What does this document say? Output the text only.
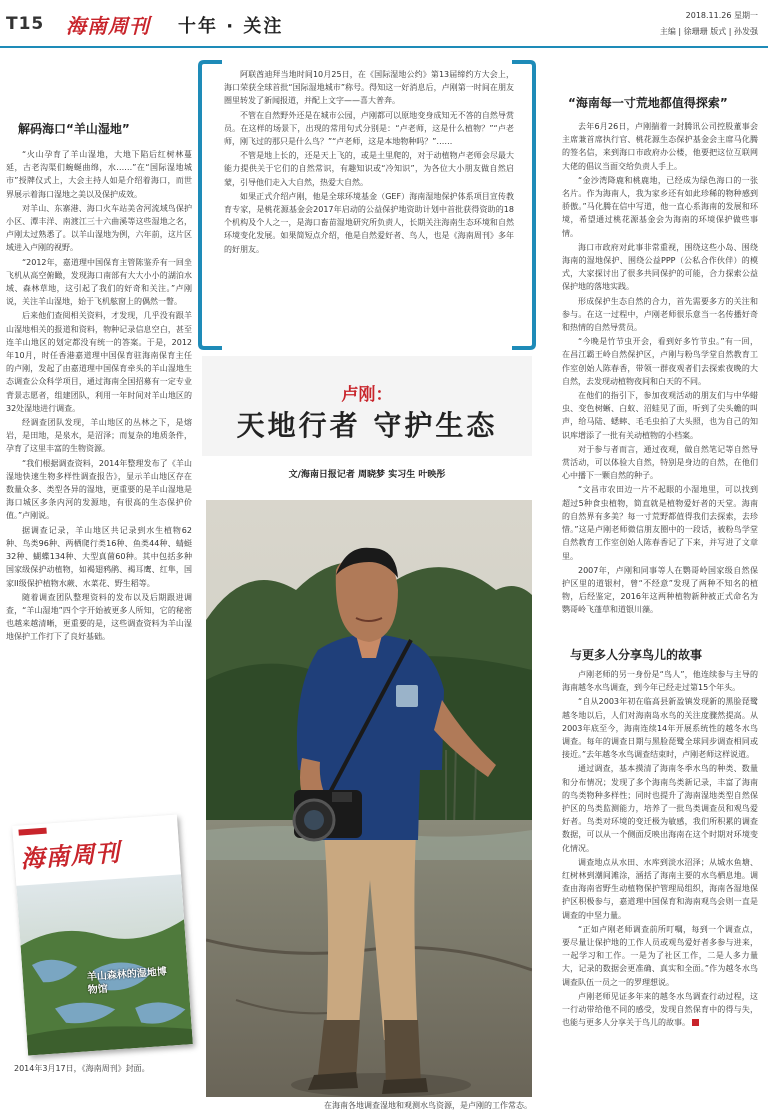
T15 海南周刊 十年 · 关注
2018.11.26 星期一
主编 | 徐珊珊 版式 | 孙发强
解码海口“羊山湿地”

“火山孕育了羊山湿地，大地下陷后红树林蔓延，古老沟渠们蜿蜒曲绵，水……”在“国际湿地城市”授牌仪式上，大会主持人如是介绍着海口，而世界展示着海口湿地之美以及保护成效。

对羊山、东寨港、海口火车站美舍河流域鸟保护小区、潭丰洋、南渡江三十六曲溪等这些湿地之名，卢刚太过熟悉了。以羊山湿地为例，六年前，这片区域进入卢刚的视野。

“2012年，嘉道理中国保育主管陈鉴乔有一回坐飞机从高空俯瞰，发现海口南部有大大小小的湖泊水域、森林草地，这引起了我们的好奇和关注。”卢刚说，关注羊山湿地，始于飞机舷窗上的偶然一瞥。

后来他们查阅相关资料，才发现，几乎没有跟羊山湿地相关的报道和资料，物种记录信息空白，甚至连羊山地区的划定都没有统一的答案。于是，2012年10月，时任香港嘉道理中国保育驻海南保育主任的卢刚，发起了由嘉道理中国保育牵头的羊山湿地生态调查公众科学项目，通过海南全国招募有一定专业背景志愿者，组建团队，利用一年时间对羊山地区的32处湿地进行调查。

经调查团队发现，羊山地区的丛林之下，是熔岩，是田地，是泉水，是沼泽；而复杂的地质条件，孕育了这里丰富的生物资源。

“我们根据调查资料，2014年整理发布了《羊山湿地快速生物多样性调查报告》，显示羊山地区存在数量众多、类型各异的湿地，更重要的是羊山湿地是海口城区多条内河的发源地，有很高的生态保护价值。”卢刚说。

据调查记录，羊山地区共记录到水生植物62种、鸟类96种、两栖爬行类16种、鱼类44种、蜻蜓32种、蝴蝶134种、大型真菌60种。其中包括多种国家级保护动植物，如褐翅鸦鹃、褐耳鹰、红隼，国家II级保护植物水蕨、水菜花、野生稻等。

随着调查团队整理资料的发布以及后期跟进调查，“羊山湿地”四个字开始被更多人所知，它的秘密也越来越清晰，更重要的是，这些调查资料为羊山湿地保护工作打下了良好基础。

海南周刊
羊山森林的湿地博物馆
2014年3月17日，《海南周刊》封面。

阿联酋迪拜当地时间10月25日，在《国际湿地公约》第13届缔约方大会上，海口荣获全球首批“国际湿地城市”称号。得知这一好消息后，卢刚第一时间在朋友圈里转发了新闻报道，并配上文字——喜大普奔。

不管在自然野外还是在城市公园，卢刚都可以原地变身成知无不答的自然导赏员。在这样的场景下，出现的常用句式分别是：“卢老师，这是什么植物？”“卢老师，刚飞过的那只是什么鸟？”“卢老师，这是本地物种吗？”……

不管是地上长的，还是天上飞的，或是土里爬的，对于动植物卢老师会尽最大能力提供关于它们的自然常识，有趣知识或“冷知识”，为各位大小朋友做自然启蒙，引导他们走入大自然，热爱大自然。

如果正式介绍卢刚，他是全球环境基金（GEF）海南湿地保护体系项目宣传教育专家，是桃花源基金会2017年启动的公益保护地资助计划中首批获得资助的18个机构及个人之一，是海口畜苗湿地研究所负责人，长期关注海南生态环境和自然环境变化发展。如果简短点介绍，他是自然爱好者、鸟人，也是《海南周刊》多年的好朋友。

卢刚：
天地行者 守护生态
文/海南日报记者 周晓梦 实习生 叶映彤
在海南各地调查湿地和观测水鸟资源，是卢刚的工作常态。
“海南每一寸荒地都值得探索”

去年6月26日，卢刚揣着一封腾讯公司控股董事会主席兼首席执行官、桃花源生态保护基金会主席马化腾的签名信，来到海口市政府办公楼，他要把这位互联网大佬的倡议当面交给负责人手上。

“金沙湾降鹿和桃鹿地，已经成为绿色海口的一张名片。作为海南人，我为家乡还有如此珍稀的物种感到骄傲。”马化腾在信中写道，他一直心系海南的发展和环境，希望通过桃花源基金会为海南的环境保护做些事情。

海口市政府对此事非常重视，围绕这些小岛、围绕海南的湿地保护、围绕公益PPP（公私合作伙伴）的模式，大家探讨出了很多共同保护的可能，合力探索公益保护地的落地实践。

形成保护生态自然的合力，首先需要多方的关注和参与。在这一过程中，卢刚老师很乐意当一名传播好奇和热情的自然导赏员。

“今晚是竹节虫开会，看到好多竹节虫。”有一回，在昌江霸王岭自然保护区，卢刚与粉鸟学堂自然教育工作室创始人陈春香，带领一群夜观者们去探索夜晚的大自然，去发现动植物夜间和白天的不同。

在他们的指引下，参加夜观活动的朋友们与中华蜡虫、变色树蜥、白蚁、沼蛙见了面，听到了尖头蟾的叫声，给马陆、蟋蟀、毛毛虫拍了大头照，也为自己的知识库增添了一批有关动植物的小档案。

对于参与者而言，通过夜观，做自然笔记等自然导赏活动，可以体验大自然，特别是身边的自然，在他们心中播下一颗自然的种子。

“文昌市农田边一片不起眼的小湿地里，可以找到超过5种食虫植物，简直就是植物爱好者的天堂。海南的自然界有多美？每一寸荒野都值得我们去探索，去珍惜。”这是卢刚老师微信朋友圈中的一段话，被粉鸟学堂自然教育工作室创始人陈春香记了下来，并写进了文章里。

2007年，卢刚和同事等人在鹦哥岭国家级自然保护区里的道银村，曾“不经意”发现了两种不知名的植物，后经鉴定，2016年这两种植物新种被正式命名为鹦哥岭飞蓬草和道银川藻。

与更多人分享鸟儿的故事

卢刚老师的另一身份是“鸟人”，他连续参与主导的海南越冬水鸟调查，到今年已经走过第15个年头。

“自从2003年初在临高县新盈镇发现新的黑脸琵鹭越冬地以后，人们对海南岛水鸟的关注度骤然提高。从2003年底至今，海南连续14年开展系统性的越冬水鸟调查。每年的调查日期与黑脸琵鹭全球同步调查相同或接近。”去年越冬水鸟调查结束时，卢刚老师这样说道。

通过调查，基本摸清了海南冬季水鸟的种类、数量和分布情况；发现了多个海南鸟类新记录，丰富了海南的鸟类物种多样性；同时也提升了海南湿地类型自然保护区的鸟类监测能力，培养了一批鸟类调查员和观鸟爱好者。鸟类对环境的变迁极为敏感，我们所积累的调查数据，可以从一个侧面反映出海南在这个时期对环境变化情况。

调查地点从水田、水库到淡水沼泽；从城水鱼塘、红树林到潮间滩涂，涵括了海南主要的水鸟栖息地。调查由海南省野生动植物保护管理局组织，海南各湿地保护区积极参与，嘉道理中国保育和海南观鸟会则一直是调查的中坚力量。

“正如卢刚老师调查前所叮嘱，每到一个调查点，要尽量让保护地的工作人员或观鸟爱好者多参与进来，一起学习和工作。一是为了社区工作，二是人多力量大，记录的数据会更准确、真实和全面。”作为越冬水鸟调查队伍一员之一的罗理想说。

卢刚老师见证多年来的越冬水鸟调查行动过程，这一行动带给他不同的感受，发现自然保育中的得与失，也能与更多人分享关于鸟儿的故事。
